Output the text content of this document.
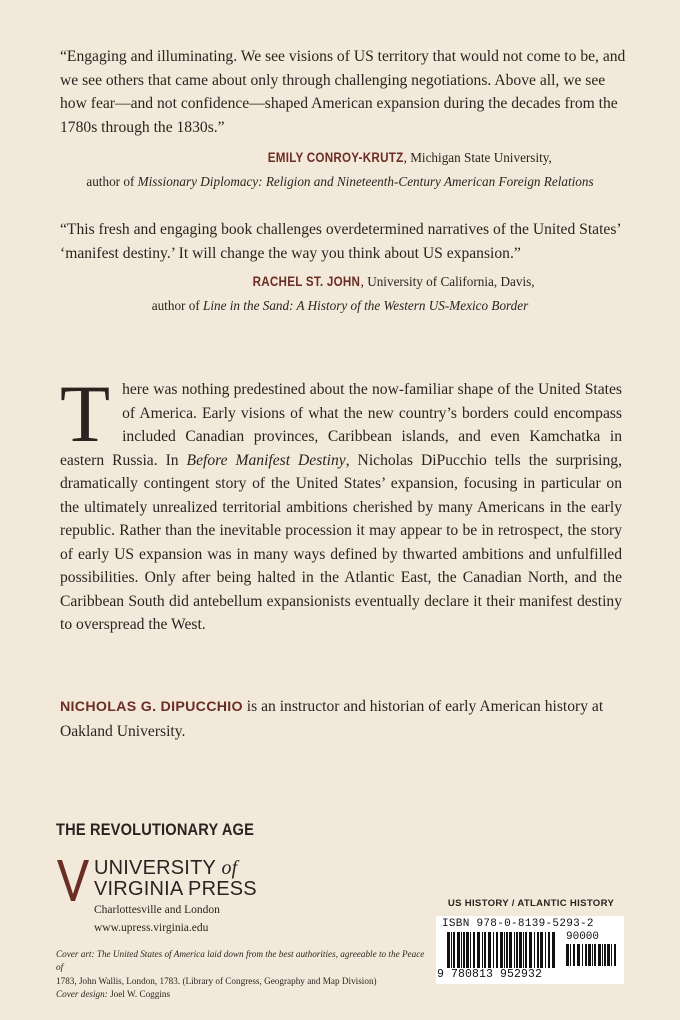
“Engaging and illuminating. We see visions of US territory that would not come to be, and we see others that came about only through challenging negotiations. Above all, we see how fear—and not confidence—shaped American expansion during the decades from the 1780s through the 1830s.”
EMILY CONROY-KRUTZ, Michigan State University,
author of Missionary Diplomacy: Religion and Nineteenth-Century American Foreign Relations
“This fresh and engaging book challenges overdetermined narratives of the United States’ ‘manifest destiny.’ It will change the way you think about US expansion.”
RACHEL ST. JOHN, University of California, Davis,
author of Line in the Sand: A History of the Western US-Mexico Border
There was nothing predestined about the now-familiar shape of the United States of America. Early visions of what the new country’s borders could encompass included Canadian provinces, Caribbean islands, and even Kamchatka in eastern Russia. In Before Manifest Destiny, Nicholas DiPucchio tells the surprising, dramatically contingent story of the United States’ expansion, focusing in particular on the ultimately unrealized territorial ambitions cherished by many Americans in the early republic. Rather than the inevitable procession it may appear to be in retrospect, the story of early US expansion was in many ways defined by thwarted ambitions and unfulfilled possibilities. Only after being halted in the Atlantic East, the Canadian North, and the Caribbean South did antebellum expansionists eventually declare it their manifest destiny to overspread the West.
NICHOLAS G. DIPUCCHIO is an instructor and historian of early American history at Oakland University.
THE REVOLUTIONARY AGE
UNIVERSITY of
VIRGINIA PRESS
Charlottesville and London
www.upress.virginia.edu
Cover art: The United States of America laid down from the best authorities, agreeable to the Peace of
1783, John Wallis, London, 1783. (Library of Congress, Geography and Map Division)
Cover design: Joel W. Coggins
US HISTORY / ATLANTIC HISTORY
ISBN 978-0-8139-5293-2
90000
9 780813 952932
